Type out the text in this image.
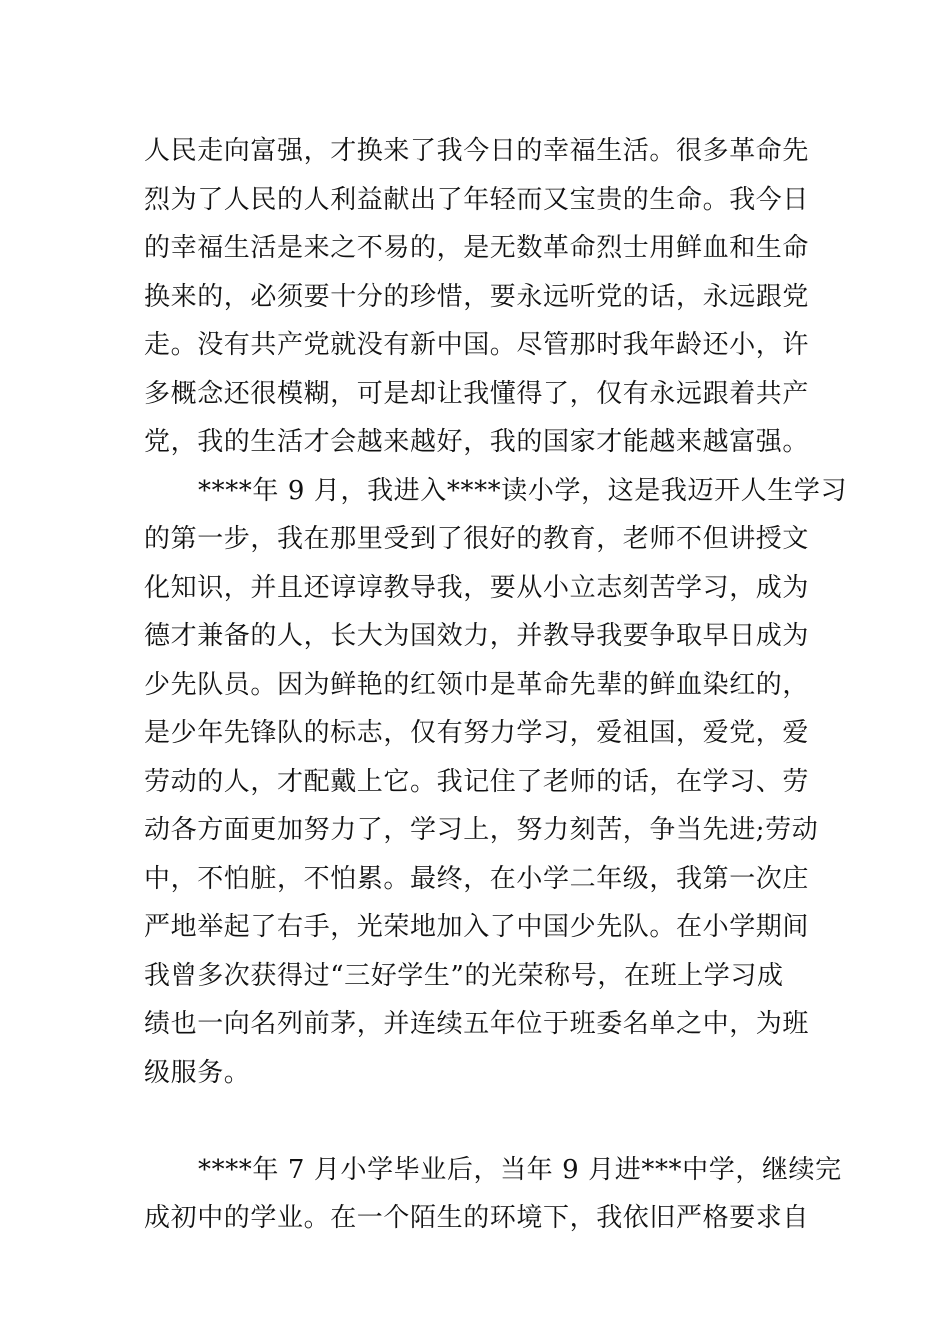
人民走向富强，才换来了我今日的幸福生活。很多革命先
烈为了人民的人利益献出了年轻而又宝贵的生命。我今日
的幸福生活是来之不易的，是无数革命烈士用鲜血和生命
换来的，必须要十分的珍惜，要永远听党的话，永远跟党
走。没有共产党就没有新中国。尽管那时我年龄还小，许
多概念还很模糊，可是却让我懂得了，仅有永远跟着共产
党，我的生活才会越来越好，我的国家才能越来越富强。
****年 9 月，我进入****读小学，这是我迈开人生学习
的第一步，我在那里受到了很好的教育，老师不但讲授文
化知识，并且还谆谆教导我，要从小立志刻苦学习，成为
德才兼备的人，长大为国效力，并教导我要争取早日成为
少先队员。因为鲜艳的红领巾是革命先辈的鲜血染红的，
是少年先锋队的标志，仅有努力学习，爱祖国，爱党，爱
劳动的人，才配戴上它。我记住了老师的话，在学习、劳
动各方面更加努力了，学习上，努力刻苦，争当先进;劳动
中，不怕脏，不怕累。最终，在小学二年级，我第一次庄
严地举起了右手，光荣地加入了中国少先队。在小学期间
我曾多次获得过“三好学生”的光荣称号，在班上学习成
绩也一向名列前茅，并连续五年位于班委名单之中，为班
级服务。
****年 7 月小学毕业后，当年 9 月进***中学，继续完
成初中的学业。在一个陌生的环境下，我依旧严格要求自
